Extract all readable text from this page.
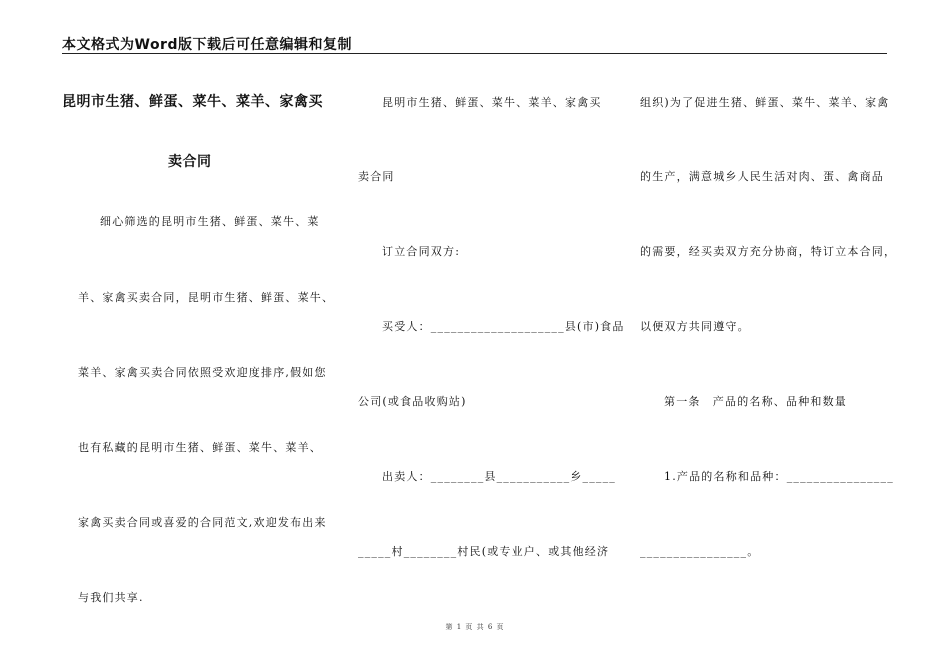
本文格式为Word版下载后可任意编辑和复制
昆明市生猪、鲜蛋、菜牛、菜羊、家禽买
卖合同
细心筛选的昆明市生猪、鲜蛋、菜牛、菜
羊、家禽买卖合同，昆明市生猪、鲜蛋、菜牛、
菜羊、家禽买卖合同依照受欢迎度排序,假如您
也有私藏的昆明市生猪、鲜蛋、菜牛、菜羊、
家禽买卖合同或喜爱的合同范文,欢迎发布出来
与我们共享.
昆明市生猪、鲜蛋、菜牛、菜羊、家禽买
卖合同
订立合同双方:
买受人：____________________县(市)食品
公司(或食品收购站)
出卖人：________县___________乡_____
_____村________村民(或专业户、或其他经济
组织)为了促进生猪、鲜蛋、菜牛、菜羊、家禽
的生产，满意城乡人民生活对肉、蛋、禽商品
的需要，经买卖双方充分协商，特订立本合同，
以便双方共同遵守。
第一条　产品的名称、品种和数量
1.产品的名称和品种：________________
________________。
第 1 页 共 6 页
